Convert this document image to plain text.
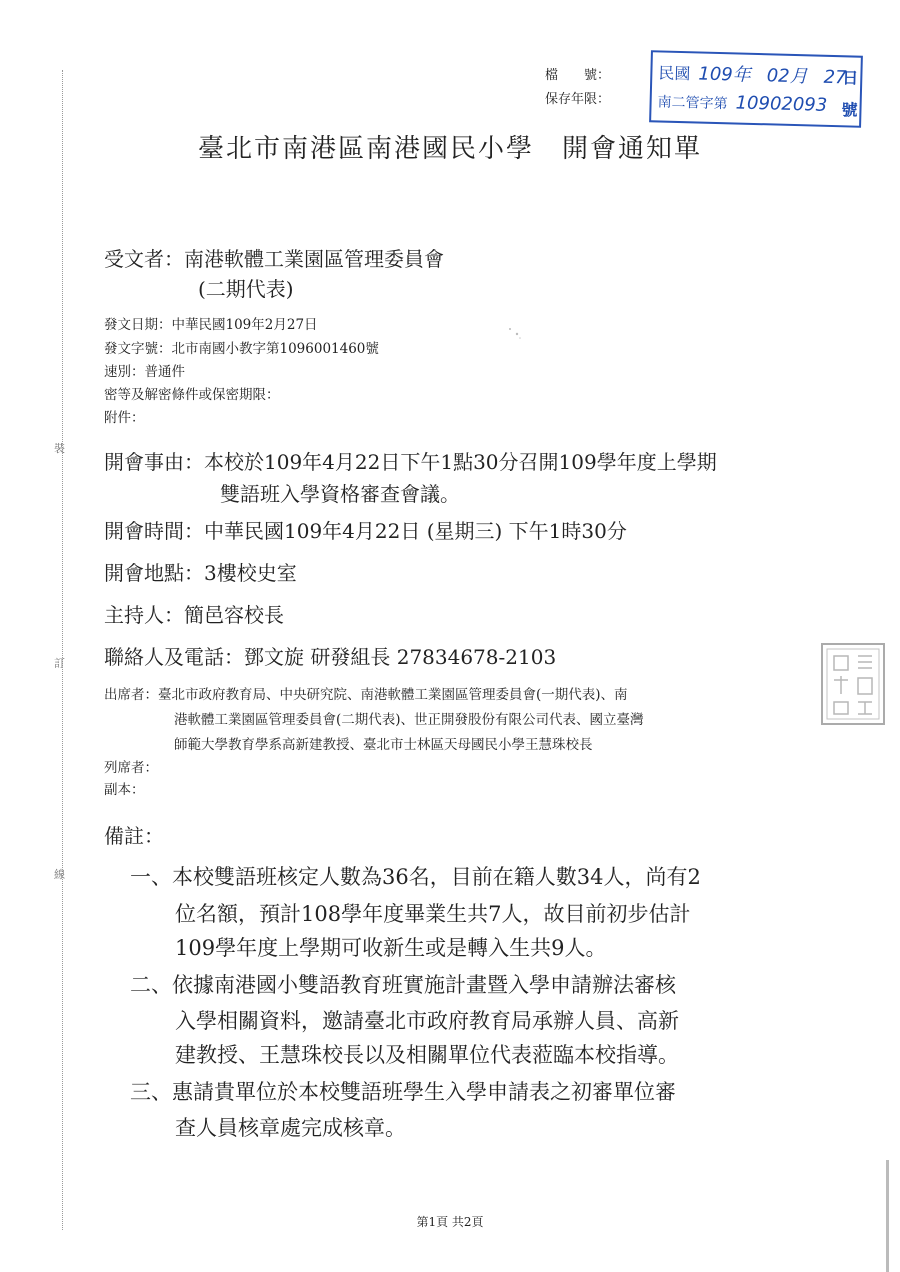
裝
訂
線
檔　　號：
保存年限：
民國 109年 02月 27
日
南二管字第 10902093 號
臺北市南港區南港國民小學 開會通知單
受文者：南港軟體工業園區管理委員會
(二期代表)
發文日期：中華民國109年2月27日
發文字號：北市南國小教字第1096001460號
速別：普通件
密等及解密條件或保密期限：
附件：
開會事由：本校於109年4月22日下午1點30分召開109學年度上學期
雙語班入學資格審查會議。
開會時間：中華民國109年4月22日 (星期三) 下午1時30分
開會地點：3樓校史室
主持人：簡邑容校長
聯絡人及電話：鄧文旋 研發組長 27834678-2103
出席者：臺北市政府教育局、中央研究院、南港軟體工業園區管理委員會(一期代表)、南
港軟體工業園區管理委員會(二期代表)、世正開發股份有限公司代表、國立臺灣
師範大學教育學系高新建教授、臺北市士林區天母國民小學王慧珠校長
列席者：
副本：
備註：
一、本校雙語班核定人數為36名，目前在籍人數34人，尚有2
位名額，預計108學年度畢業生共7人，故目前初步估計
109學年度上學期可收新生或是轉入生共9人。
二、依據南港國小雙語教育班實施計畫暨入學申請辦法審核
入學相關資料，邀請臺北市政府教育局承辦人員、高新
建教授、王慧珠校長以及相關單位代表蒞臨本校指導。
三、惠請貴單位於本校雙語班學生入學申請表之初審單位審
查人員核章處完成核章。
第1頁 共2頁
